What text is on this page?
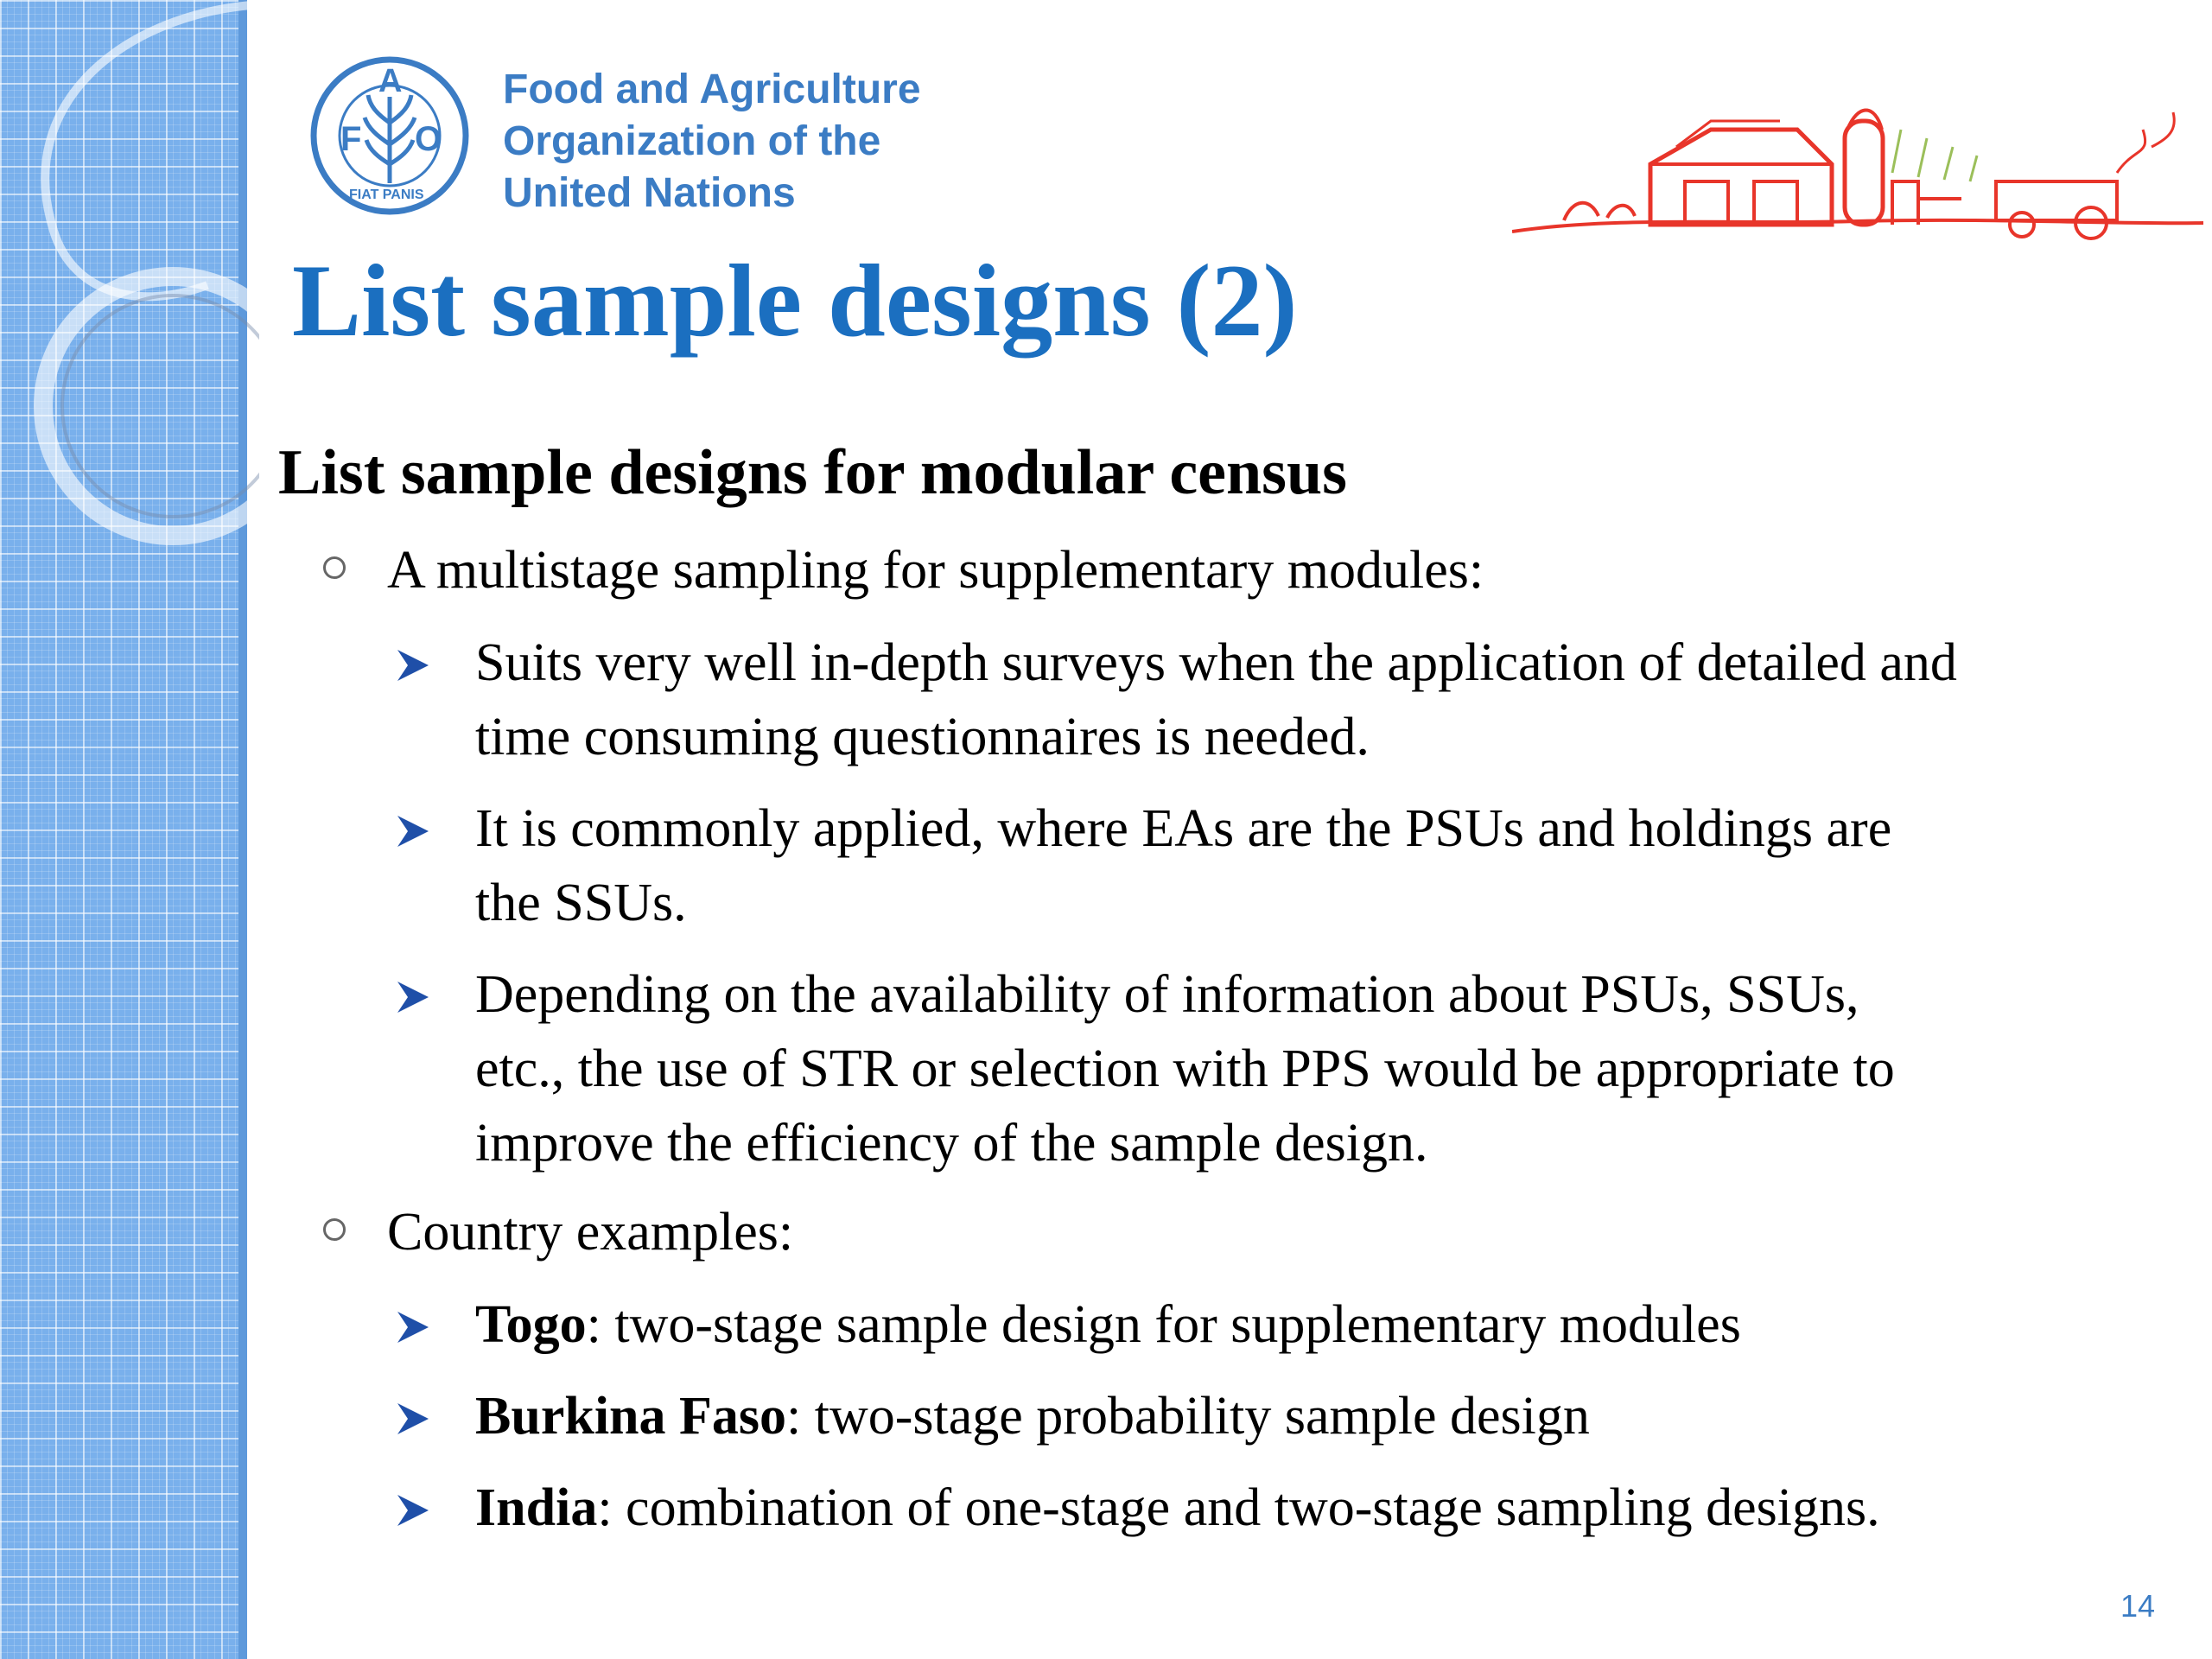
F
A
O
FIAT PANIS
Food and Agriculture
Organization of the
United Nations
List sample designs (2)
List sample designs for modular census
A multistage sampling for supplementary modules:
Suits very well in-depth surveys when the application of detailed and
time consuming questionnaires is needed.
It is commonly applied, where EAs are the PSUs and holdings are
the SSUs.
Depending on the availability of information about PSUs, SSUs,
etc., the use of STR or selection with PPS would be appropriate to
improve the efficiency of the sample design.
Country examples:
Togo: two-stage sample design for supplementary modules
Burkina Faso: two-stage probability sample design
India: combination of one-stage and two-stage sampling designs.
14
